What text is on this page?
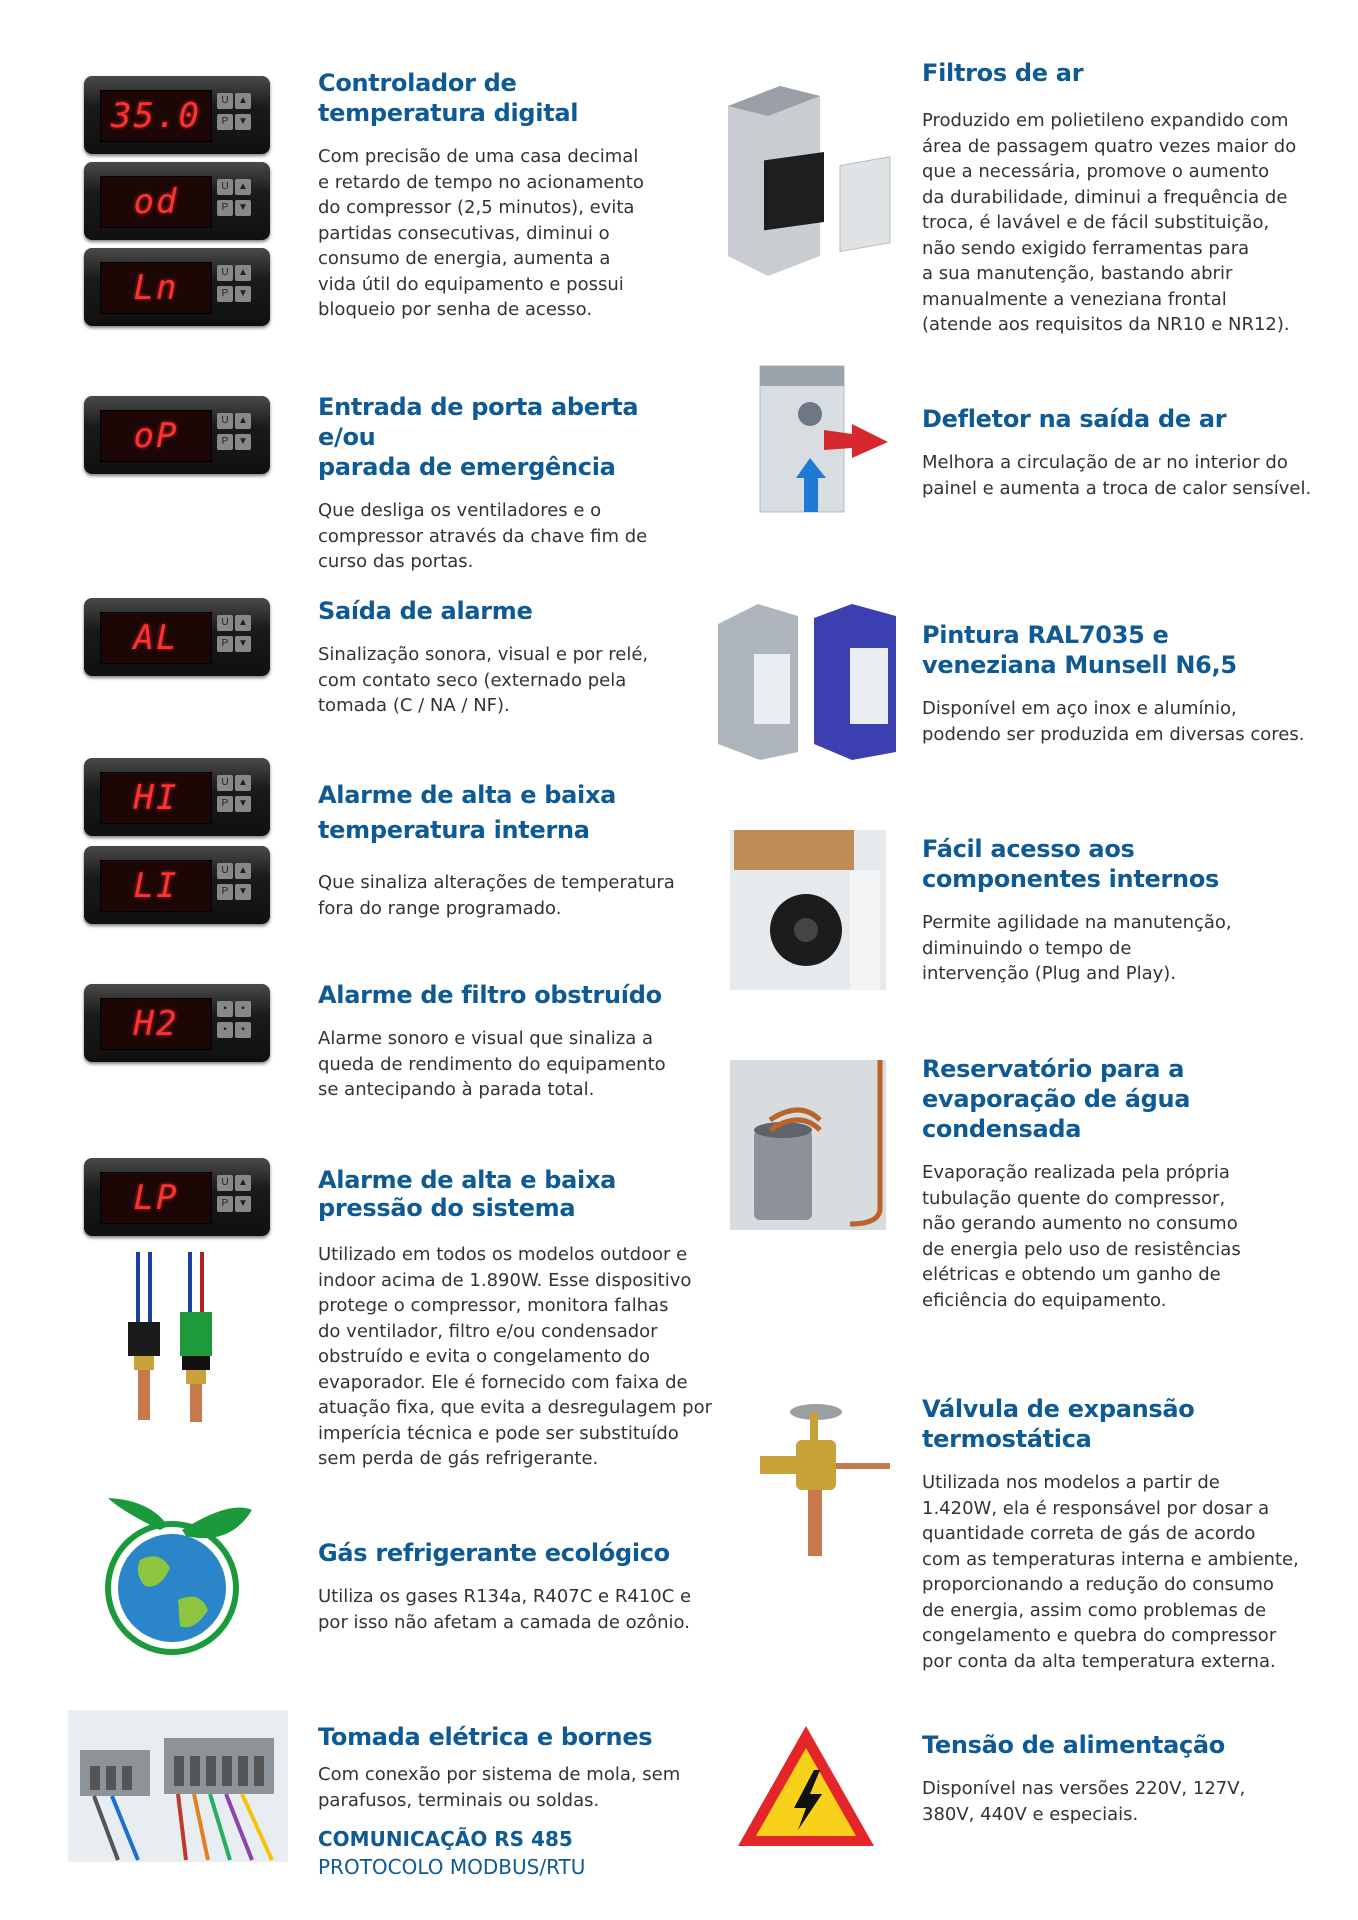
35.0	U ▲P ▼
od	U ▲P ▼
Ln	U ▲P ▼
oP	U ▲P ▼
AL	U ▲P ▼
HI	U ▲P ▼
LI	U ▲P ▼
H2	▪ ▪▪ ▪
LP	U ▲P ▼
Controlador de
temperatura digital
Com precisão de uma casa decimal
e retardo de tempo no acionamento
do compressor (2,5 minutos), evita
partidas consecutivas, diminui o
consumo de energia, aumenta a
vida útil do equipamento e possui
bloqueio por senha de acesso.
Entrada de porta aberta e/ou
parada de emergência
Que desliga os ventiladores e o
compressor através da chave fim de
curso das portas.
Saída de alarme
Sinalização sonora, visual e por relé,
com contato seco (externado pela
tomada (C / NA / NF).
Alarme de alta e baixa
temperatura interna
Que sinaliza alterações de temperatura
fora do range programado.
Alarme de filtro obstruído
Alarme sonoro e visual que sinaliza a
queda de rendimento do equipamento
se antecipando à parada total.
Alarme de alta e baixa
pressão do sistema
Utilizado em todos os modelos outdoor e
indoor acima de 1.890W. Esse dispositivo
protege o compressor, monitora falhas
do ventilador, filtro e/ou condensador
obstruído e evita o congelamento do
evaporador. Ele é fornecido com faixa de
atuação fixa, que evita a desregulagem por
imperícia técnica e pode ser substituído
sem perda de gás refrigerante.
Gás refrigerante ecológico
Utiliza os gases R134a, R407C e R410C e
por isso não afetam a camada de ozônio.
Tomada elétrica e bornes
Com conexão por sistema de mola, sem
parafusos, terminais ou soldas.
COMUNICAÇÃO RS 485
PROTOCOLO MODBUS/RTU
Filtros de ar
Produzido em polietileno expandido com
área de passagem quatro vezes maior do
que a necessária, promove o aumento
da durabilidade, diminui a frequência de
troca, é lavável e de fácil substituição,
não sendo exigido ferramentas para
a sua manutenção, bastando abrir
manualmente a veneziana frontal
(atende aos requisitos da NR10 e NR12).
Defletor na saída de ar
Melhora a circulação de ar no interior do
painel e aumenta a troca de calor sensível.
Pintura RAL7035 e
veneziana Munsell N6,5
Disponível em aço inox e alumínio,
podendo ser produzida em diversas cores.
Fácil acesso aos
componentes internos
Permite agilidade na manutenção,
diminuindo o tempo de
intervenção (Plug and Play).
Reservatório para a
evaporação de água
condensada
Evaporação realizada pela própria
tubulação quente do compressor,
não gerando aumento no consumo
de energia pelo uso de resistências
elétricas e obtendo um ganho de
eficiência do equipamento.
Válvula de expansão
termostática
Utilizada nos modelos a partir de
1.420W, ela é responsável por dosar a
quantidade correta de gás de acordo
com as temperaturas interna e ambiente,
proporcionando a redução do consumo
de energia, assim como problemas de
congelamento e quebra do compressor
por conta da alta temperatura externa.
Tensão de alimentação
Disponível nas versões 220V, 127V,
380V, 440V e especiais.
